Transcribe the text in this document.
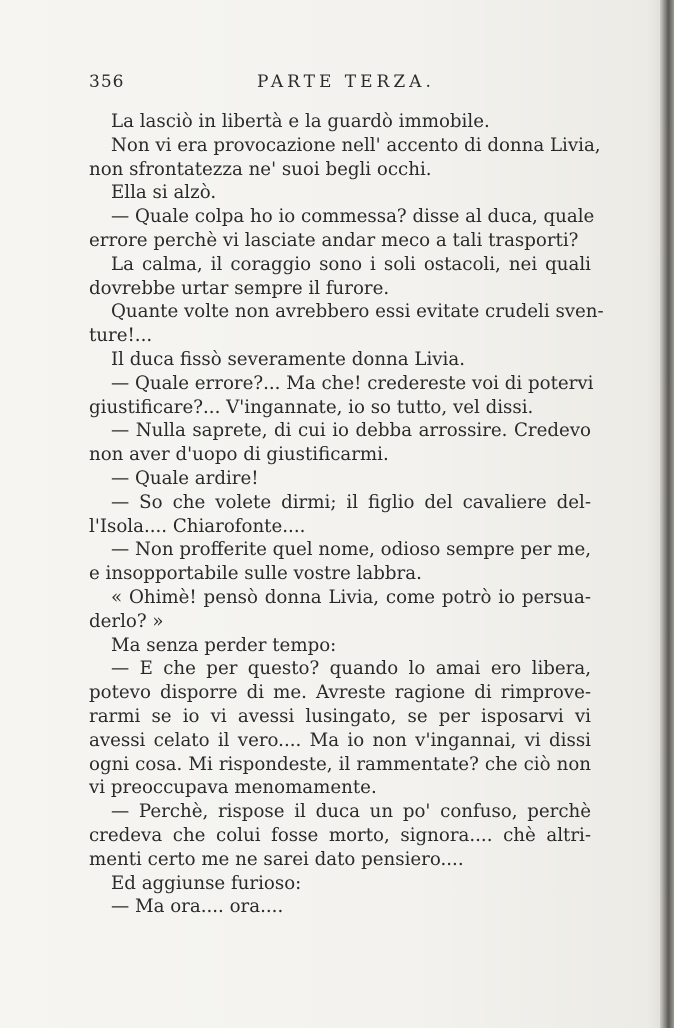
356	PARTE TERZA.
La lasciò in libertà e la guardò immobile.
Non vi era provocazione nell' accento di donna Livia,
non sfrontatezza ne' suoi begli occhi.
Ella si alzò.
— Quale colpa ho io commessa? disse al duca, quale
errore perchè vi lasciate andar meco a tali trasporti?
La calma, il coraggio sono i soli ostacoli, nei quali
dovrebbe urtar sempre il furore.
Quante volte non avrebbero essi evitate crudeli sven-
ture!...
Il duca fissò severamente donna Livia.
— Quale errore?... Ma che! credereste voi di potervi
giustificare?... V'ingannate, io so tutto, vel dissi.
— Nulla saprete, di cui io debba arrossire. Credevo
non aver d'uopo di giustificarmi.
— Quale ardire!
— So che volete dirmi; il figlio del cavaliere del-
l'Isola.... Chiarofonte....
— Non profferite quel nome, odioso sempre per me,
e insopportabile sulle vostre labbra.
« Ohimè! pensò donna Livia, come potrò io persua-
derlo? »
Ma senza perder tempo:
— E che per questo? quando lo amai ero libera,
potevo disporre di me. Avreste ragione di rimprove-
rarmi se io vi avessi lusingato, se per isposarvi vi
avessi celato il vero.... Ma io non v'ingannai, vi dissi
ogni cosa. Mi rispondeste, il rammentate? che ciò non
vi preoccupava menomamente.
— Perchè, rispose il duca un po' confuso, perchè
credeva che colui fosse morto, signora.... chè altri-
menti certo me ne sarei dato pensiero....
Ed aggiunse furioso:
— Ma ora.... ora....
